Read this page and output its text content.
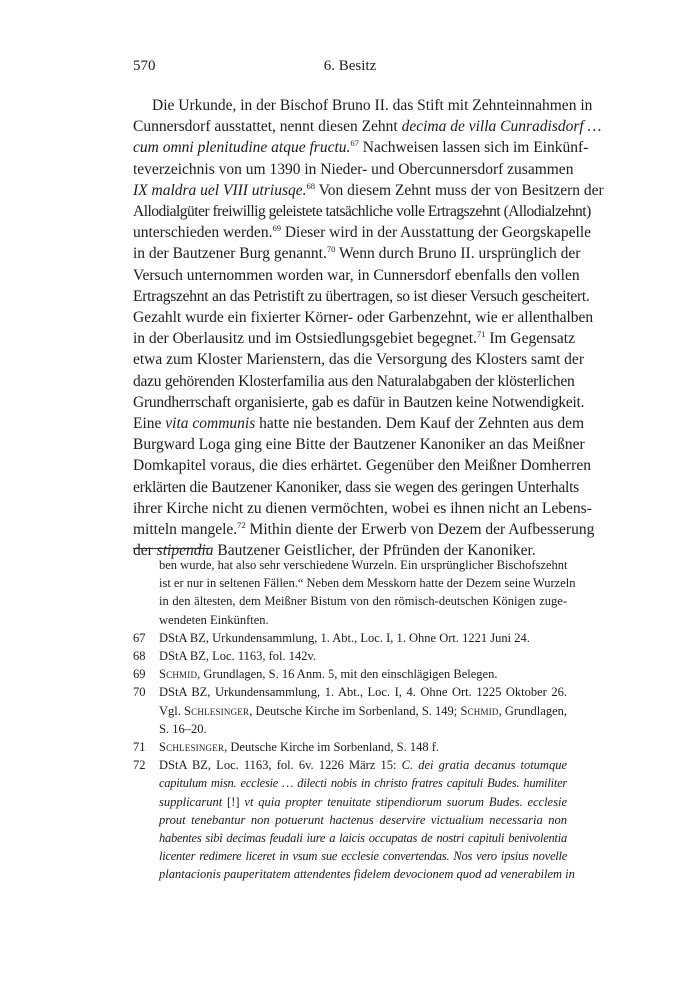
570	6. Besitz
Die Urkunde, in der Bischof Bruno II. das Stift mit Zehnteinnahmen in
Cunnersdorf ausstattet, nennt diesen Zehnt decima de villa Cunradisdorf …
cum omni plenitudine atque fructu.$^{67}$ Nachweisen lassen sich im Einkünf-
teverzeichnis von um 1390 in Nieder- und Obercunnersdorf zusammen
IX maldra uel VIII utriusqe.$^{68}$ Von diesem Zehnt muss der von Besitzern der
Allodialgüter freiwillig geleistete tatsächliche volle Ertragszehnt (Allodialzehnt)
unterschieden werden.$^{69}$ Dieser wird in der Ausstattung der Georgskapelle
in der Bautzener Burg genannt.$^{70}$ Wenn durch Bruno II. ursprünglich der
Versuch unternommen worden war, in Cunnersdorf ebenfalls den vollen
Ertragszehnt an das Petristift zu übertragen, so ist dieser Versuch gescheitert.
Gezahlt wurde ein fixierter Körner- oder Garbenzehnt, wie er allenthalben
in der Oberlausitz und im Ostsiedlungsgebiet begegnet.$^{71}$ Im Gegensatz
etwa zum Kloster Marienstern, das die Versorgung des Klosters samt der
dazu gehörenden Klosterfamilia aus den Naturalabgaben der klösterlichen
Grundherrschaft organisierte, gab es dafür in Bautzen keine Notwendigkeit.
Eine vita communis hatte nie bestanden. Dem Kauf der Zehnten aus dem
Burgward Loga ging eine Bitte der Bautzener Kanoniker an das Meißner
Domkapitel voraus, die dies erhärtet. Gegenüber den Meißner Domherren
erklärten die Bautzener Kanoniker, dass sie wegen des geringen Unterhalts
ihrer Kirche nicht zu dienen vermöchten, wobei es ihnen nicht an Lebens-
mitteln mangele.$^{72}$ Mithin diente der Erwerb von Dezem der Aufbesserung
der stipendia Bautzener Geistlicher, der Pfründen der Kanoniker.
ben wurde, hat also sehr verschiedene Wurzeln. Ein ursprünglicher Bischofszehnt
ist er nur in seltenen Fällen.“ Neben dem Messkorn hatte der Dezem seine Wurzeln
in den ältesten, dem Meißner Bistum von den römisch-deutschen Königen zuge-
wendeten Einkünften.
67 DStA BZ, Urkundensammlung, 1. Abt., Loc. I, 1. Ohne Ort. 1221 Juni 24.
68 DStA BZ, Loc. 1163, fol. 142v.
69 Schmid, Grundlagen, S. 16 Anm. 5, mit den einschlägigen Belegen.
70 DStA BZ, Urkundensammlung, 1. Abt., Loc. I, 4. Ohne Ort. 1225 Oktober 26.
Vgl. Schlesinger, Deutsche Kirche im Sorbenland, S. 149; Schmid, Grundlagen,
S. 16–20.
71 Schlesinger, Deutsche Kirche im Sorbenland, S. 148 f.
72 DStA BZ, Loc. 1163, fol. 6v. 1226 März 15: C. dei gratia decanus totumque
capitulum misn. ecclesie … dilecti nobis in christo fratres capituli Budes. humiliter
supplicarunt [!] vt quia propter tenuitate stipendiorum suorum Budes. ecclesie
prout tenebantur non potuerunt hactenus deservire victualium necessaria non
habentes sibi decimas feudali iure a laicis occupatas de nostri capituli benivolentia
licenter redimere liceret in vsum sue ecclesie convertendas. Nos vero ipsius novelle
plantacionis pauperitatem attendentes fidelem devocionem quod ad venerabilem in
